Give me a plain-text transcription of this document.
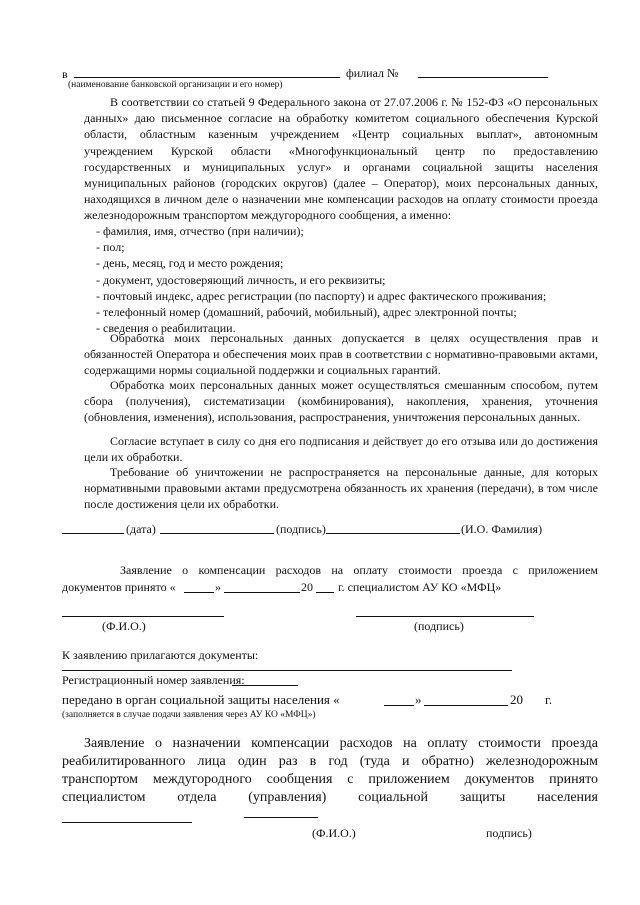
в
(наименование банковской организации и его номер)
филиал №
В соответствии со статьей 9 Федерального закона от 27.07.2006 г. № 152-ФЗ «О персональных данных» даю письменное согласие на обработку комитетом социального обеспечения Курской области, областным казенным учреждением «Центр социальных выплат», автономным учреждением Курской области «Многофункциональный центр по предоставлению государственных и муниципальных услуг» и органами социальной защиты населения муниципальных районов (городских округов) (далее – Оператор), моих персональных данных, находящихся в личном деле о назначении мне компенсации расходов на оплату стоимости проезда железнодорожным транспортом междугородного сообщения, а именно:
- фамилия, имя, отчество (при наличии);
- пол;
- день, месяц, год и место рождения;
- документ, удостоверяющий личность, и его реквизиты;
- почтовый индекс, адрес регистрации (по паспорту) и адрес фактического проживания;
- телефонный номер (домашний, рабочий, мобильный), адрес электронной почты;
- сведения о реабилитации.
Обработка моих персональных данных допускается в целях осуществления прав и обязанностей Оператора и обеспечения моих прав в соответствии с нормативно-правовыми актами, содержащими нормы социальной поддержки и социальных гарантий.
Обработка моих персональных данных может осуществляться смешанным способом, путем сбора (получения), систематизации (комбинирования), накопления, хранения, уточнения (обновления, изменения), использования, распространения, уничтожения персональных данных.
Согласие вступает в силу со дня его подписания и действует до его отзыва или до достижения цели их обработки.
Требование об уничтожении не распространяется на персональные данные, для которых нормативными правовыми актами предусмотрена обязанность их хранения (передачи), в том числе после достижения цели их обработки.
(дата)	(подпись)	(И.О. Фамилия)
Заявление о компенсации расходов на оплату стоимости проезда с приложением
документов принято «	»	20 г. специалистом АУ КО «МФЦ»
(Ф.И.О.)	(подпись)
К заявлению прилагаются документы:
Регистрационный номер заявления:
передано в орган социальной защиты населения «	»	20 г.
(заполняется в случае подачи заявления через АУ КО «МФЦ»)
Заявление о назначении компенсации расходов на оплату стоимости проезда
реабилитированного лица один раз в год (туда и обратно) железнодорожным
транспортом междугородного сообщения с приложением документов принято
специалистом отдела (управления) социальной защиты населения
(Ф.И.О.)	подпись)
